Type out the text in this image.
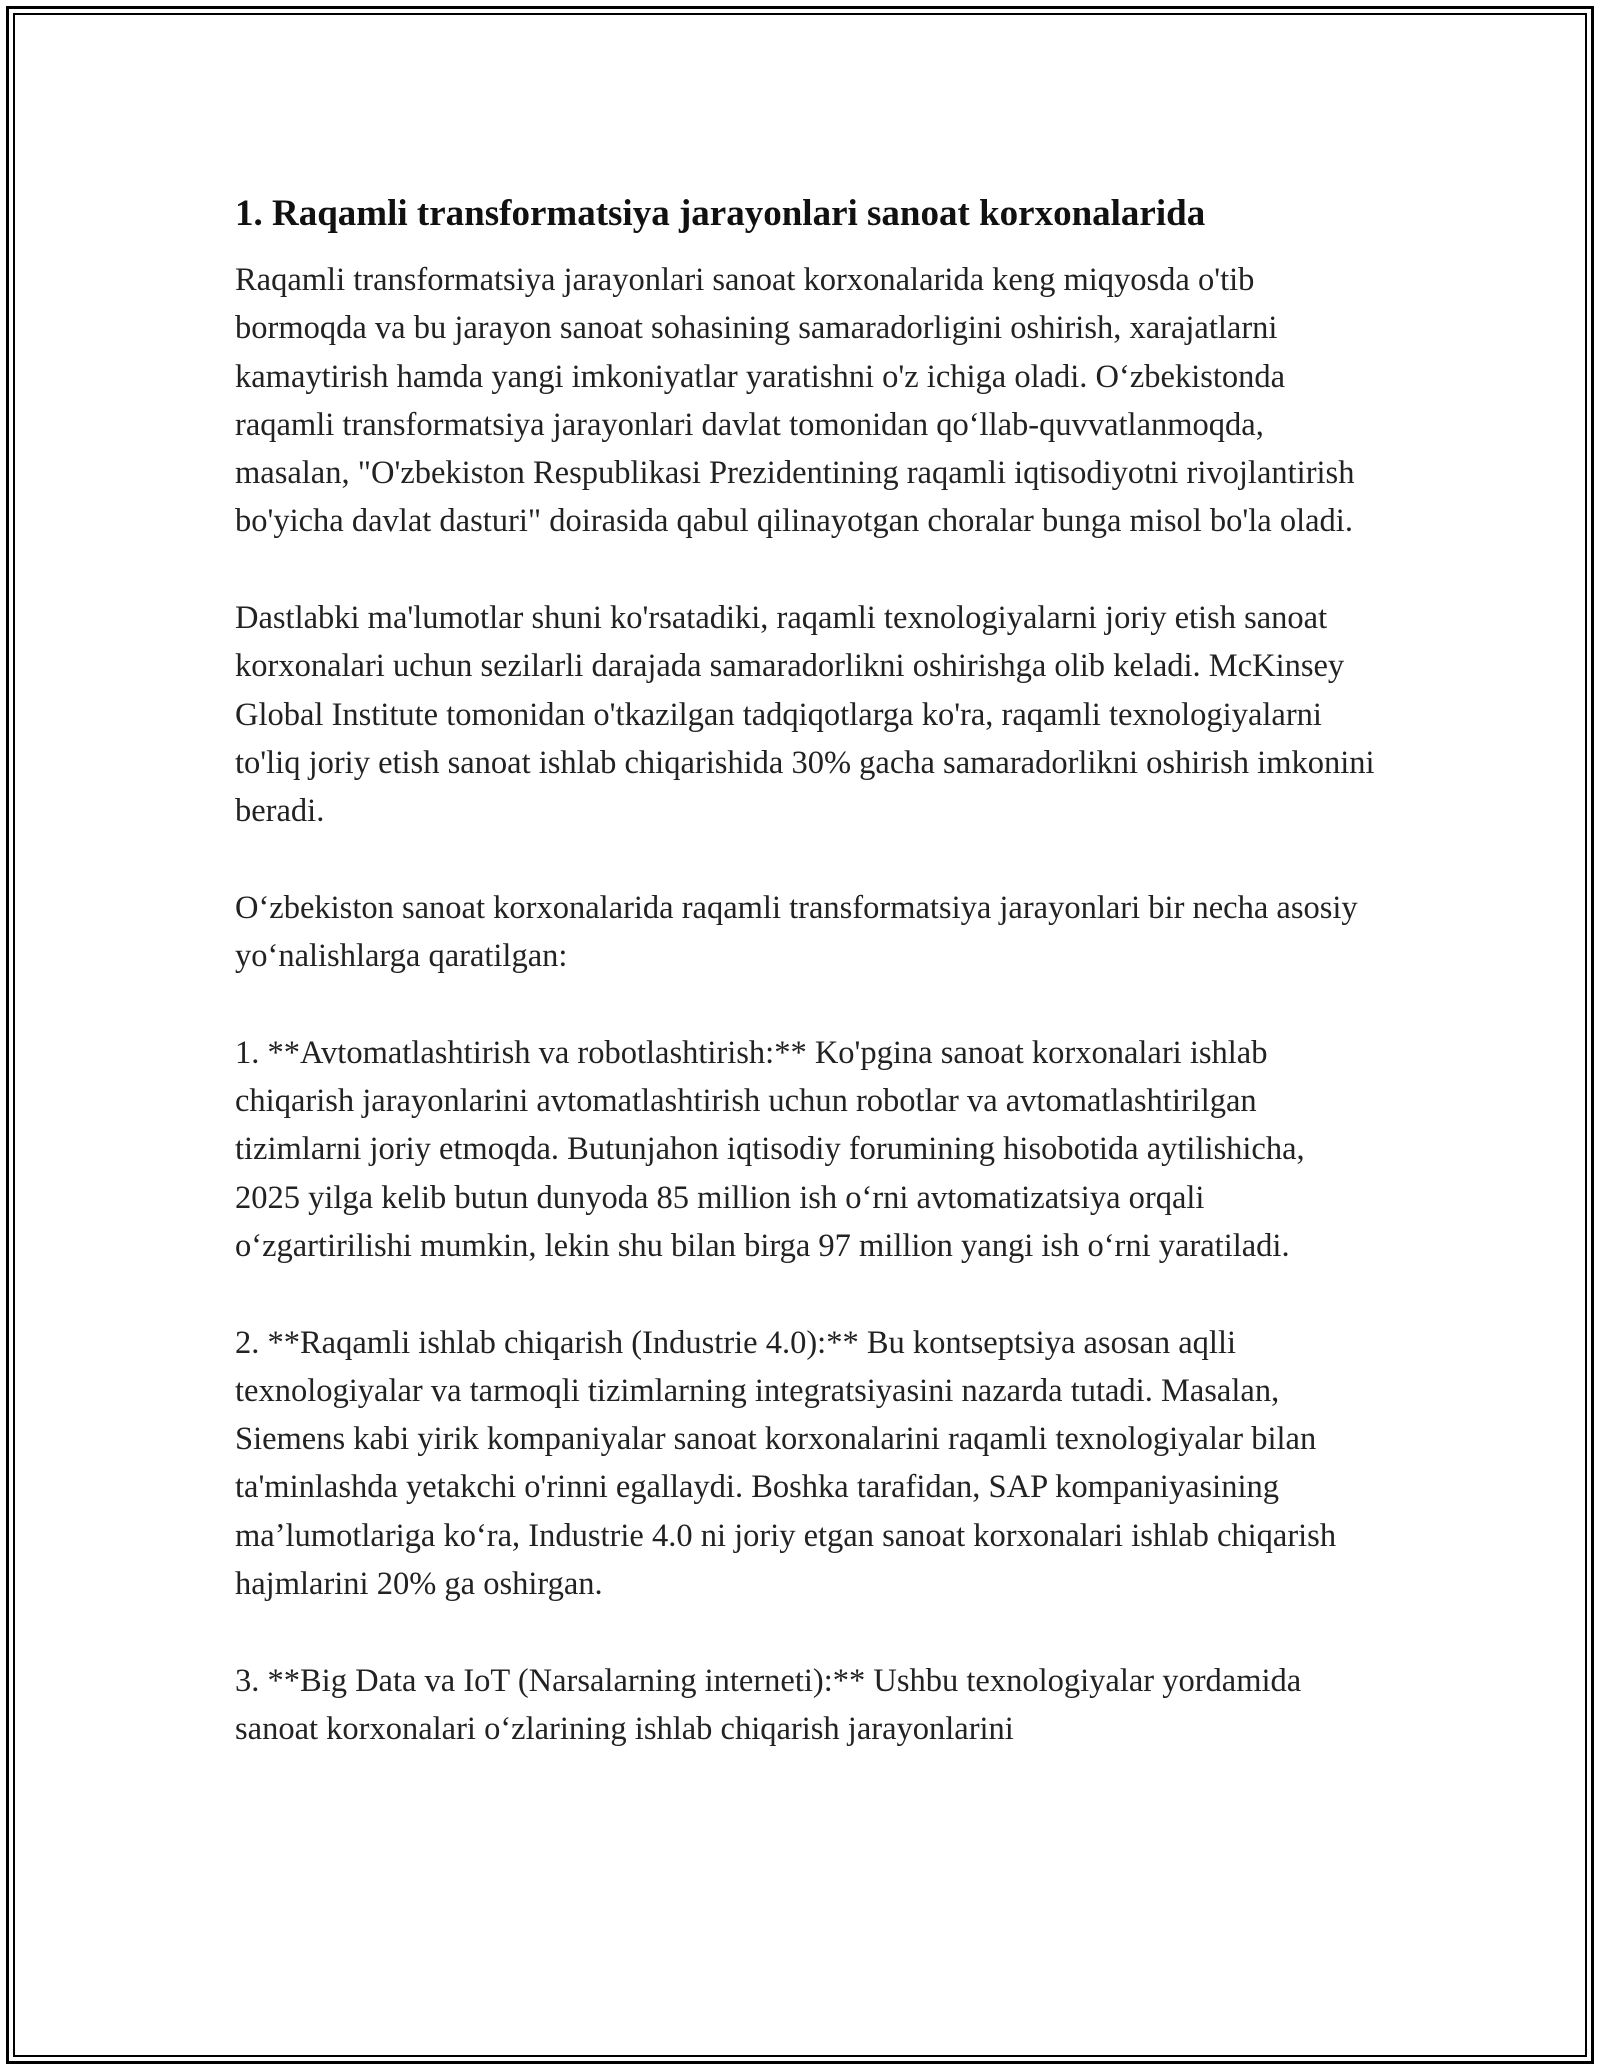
1. Raqamli transformatsiya jarayonlari sanoat korxonalarida

Raqamli transformatsiya jarayonlari sanoat korxonalarida keng miqyosda o'tib bormoqda va bu jarayon sanoat sohasining samaradorligini oshirish, xarajatlarni kamaytirish hamda yangi imkoniyatlar yaratishni o'z ichiga oladi. Oʻzbekistonda raqamli transformatsiya jarayonlari davlat tomonidan qoʻllab-quvvatlanmoqda, masalan, "O'zbekiston Respublikasi Prezidentining raqamli iqtisodiyotni rivojlantirish bo'yicha davlat dasturi" doirasida qabul qilinayotgan choralar bunga misol bo'la oladi.

Dastlabki ma'lumotlar shuni ko'rsatadiki, raqamli texnologiyalarni joriy etish sanoat korxonalari uchun sezilarli darajada samaradorlikni oshirishga olib keladi. McKinsey Global Institute tomonidan o'tkazilgan tadqiqotlarga ko'ra, raqamli texnologiyalarni to'liq joriy etish sanoat ishlab chiqarishida 30% gacha samaradorlikni oshirish imkonini beradi.

Oʻzbekiston sanoat korxonalarida raqamli transformatsiya jarayonlari bir necha asosiy yoʻnalishlarga qaratilgan:

1. **Avtomatlashtirish va robotlashtirish:** Ko'pgina sanoat korxonalari ishlab chiqarish jarayonlarini avtomatlashtirish uchun robotlar va avtomatlashtirilgan tizimlarni joriy etmoqda. Butunjahon iqtisodiy forumining hisobotida aytilishicha, 2025 yilga kelib butun dunyoda 85 million ish oʻrni avtomatizatsiya orqali oʻzgartirilishi mumkin, lekin shu bilan birga 97 million yangi ish oʻrni yaratiladi.

2. **Raqamli ishlab chiqarish (Industrie 4.0):** Bu kontseptsiya asosan aqlli texnologiyalar va tarmoqli tizimlarning integratsiyasini nazarda tutadi. Masalan, Siemens kabi yirik kompaniyalar sanoat korxonalarini raqamli texnologiyalar bilan ta'minlashda yetakchi o'rinni egallaydi. Boshka tarafidan, SAP kompaniyasining maʼlumotlariga koʻra, Industrie 4.0 ni joriy etgan sanoat korxonalari ishlab chiqarish hajmlarini 20% ga oshirgan.

3. **Big Data va IoT (Narsalarning interneti):** Ushbu texnologiyalar yordamida sanoat korxonalari oʻzlarining ishlab chiqarish jarayonlarini
